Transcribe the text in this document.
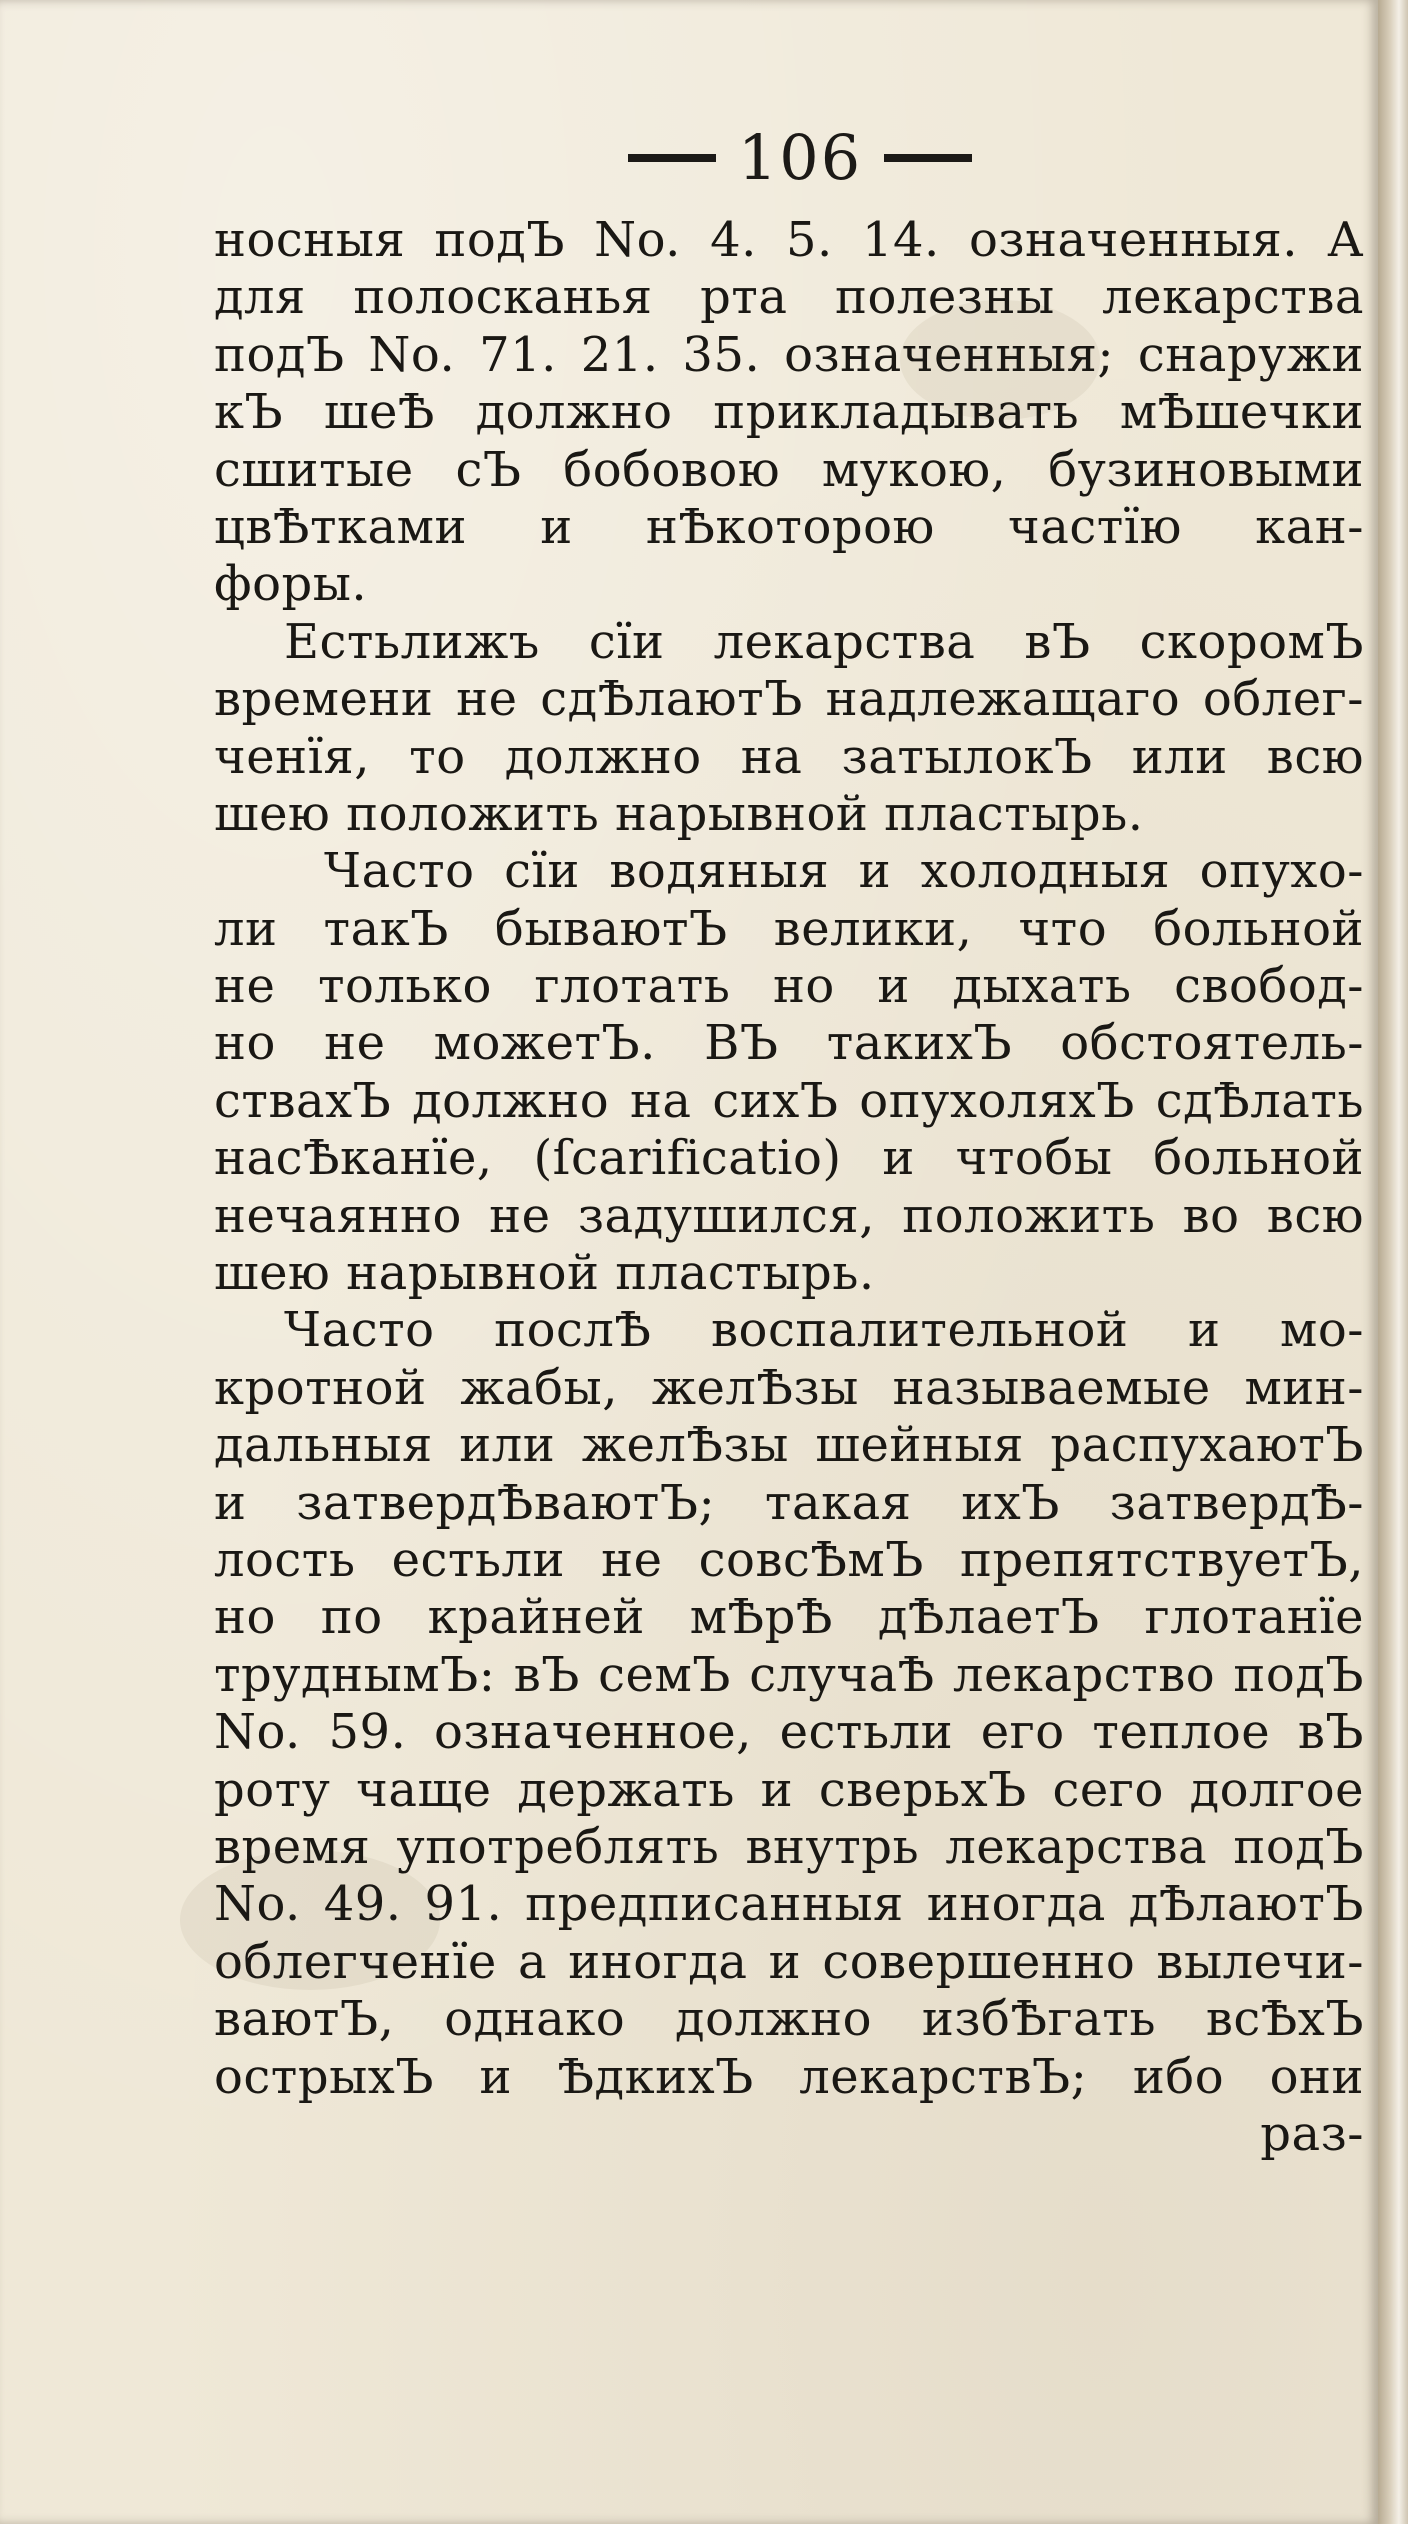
106
носныя подЪ No. 4. 5. 14. означенныя. А
для полосканья рта полезны лекарства
подЪ No. 71. 21. 35. означенныя; снаружи
кЪ шеѢ должно прикладывать мѢшечки
сшитые сЪ бобовою мукою, бузиновыми
цвѢтками и нѢкоторою частїю кан-
форы.
Естьлижъ сїи лекарства вЪ скоромЪ
времени не сдѢлаютЪ надлежащаго облег-
ченїя, то должно на затылокЪ или всю
шею положить нарывной пластырь.
Часто сїи водяныя и холодныя опухо-
ли такЪ бываютЪ велики, что больной
не только глотать но и дыхать свобод-
но не можетЪ. ВЪ такихЪ обстоятель-
ствахЪ должно на сихЪ опухоляхЪ сдѢлать
насѢканїе, (ſcarificatio) и чтобы больной
нечаянно не задушился, положить во всю
шею нарывной пластырь.
Часто послѢ воспалительной и мо-
кротной жабы, желѢзы называемые мин-
дальныя или желѢзы шейныя распухаютЪ
и затвердѢваютЪ; такая ихЪ затвердѢ-
лость естьли не совсѢмЪ препятствуетЪ,
но по крайней мѢрѢ дѢлаетЪ глотанїе
труднымЪ: вЪ семЪ случаѢ лекарство подЪ
No. 59. означенное, естьли его теплое вЪ
роту чаще держать и сверьхЪ сего долгое
время употреблять внутрь лекарства подЪ
No. 49. 91. предписанныя иногда дѢлаютЪ
облегченїе а иногда и совершенно вылечи-
ваютЪ, однако должно избѢгать всѢхЪ
острыхЪ и ѢдкихЪ лекарствЪ; ибо они
раз-
